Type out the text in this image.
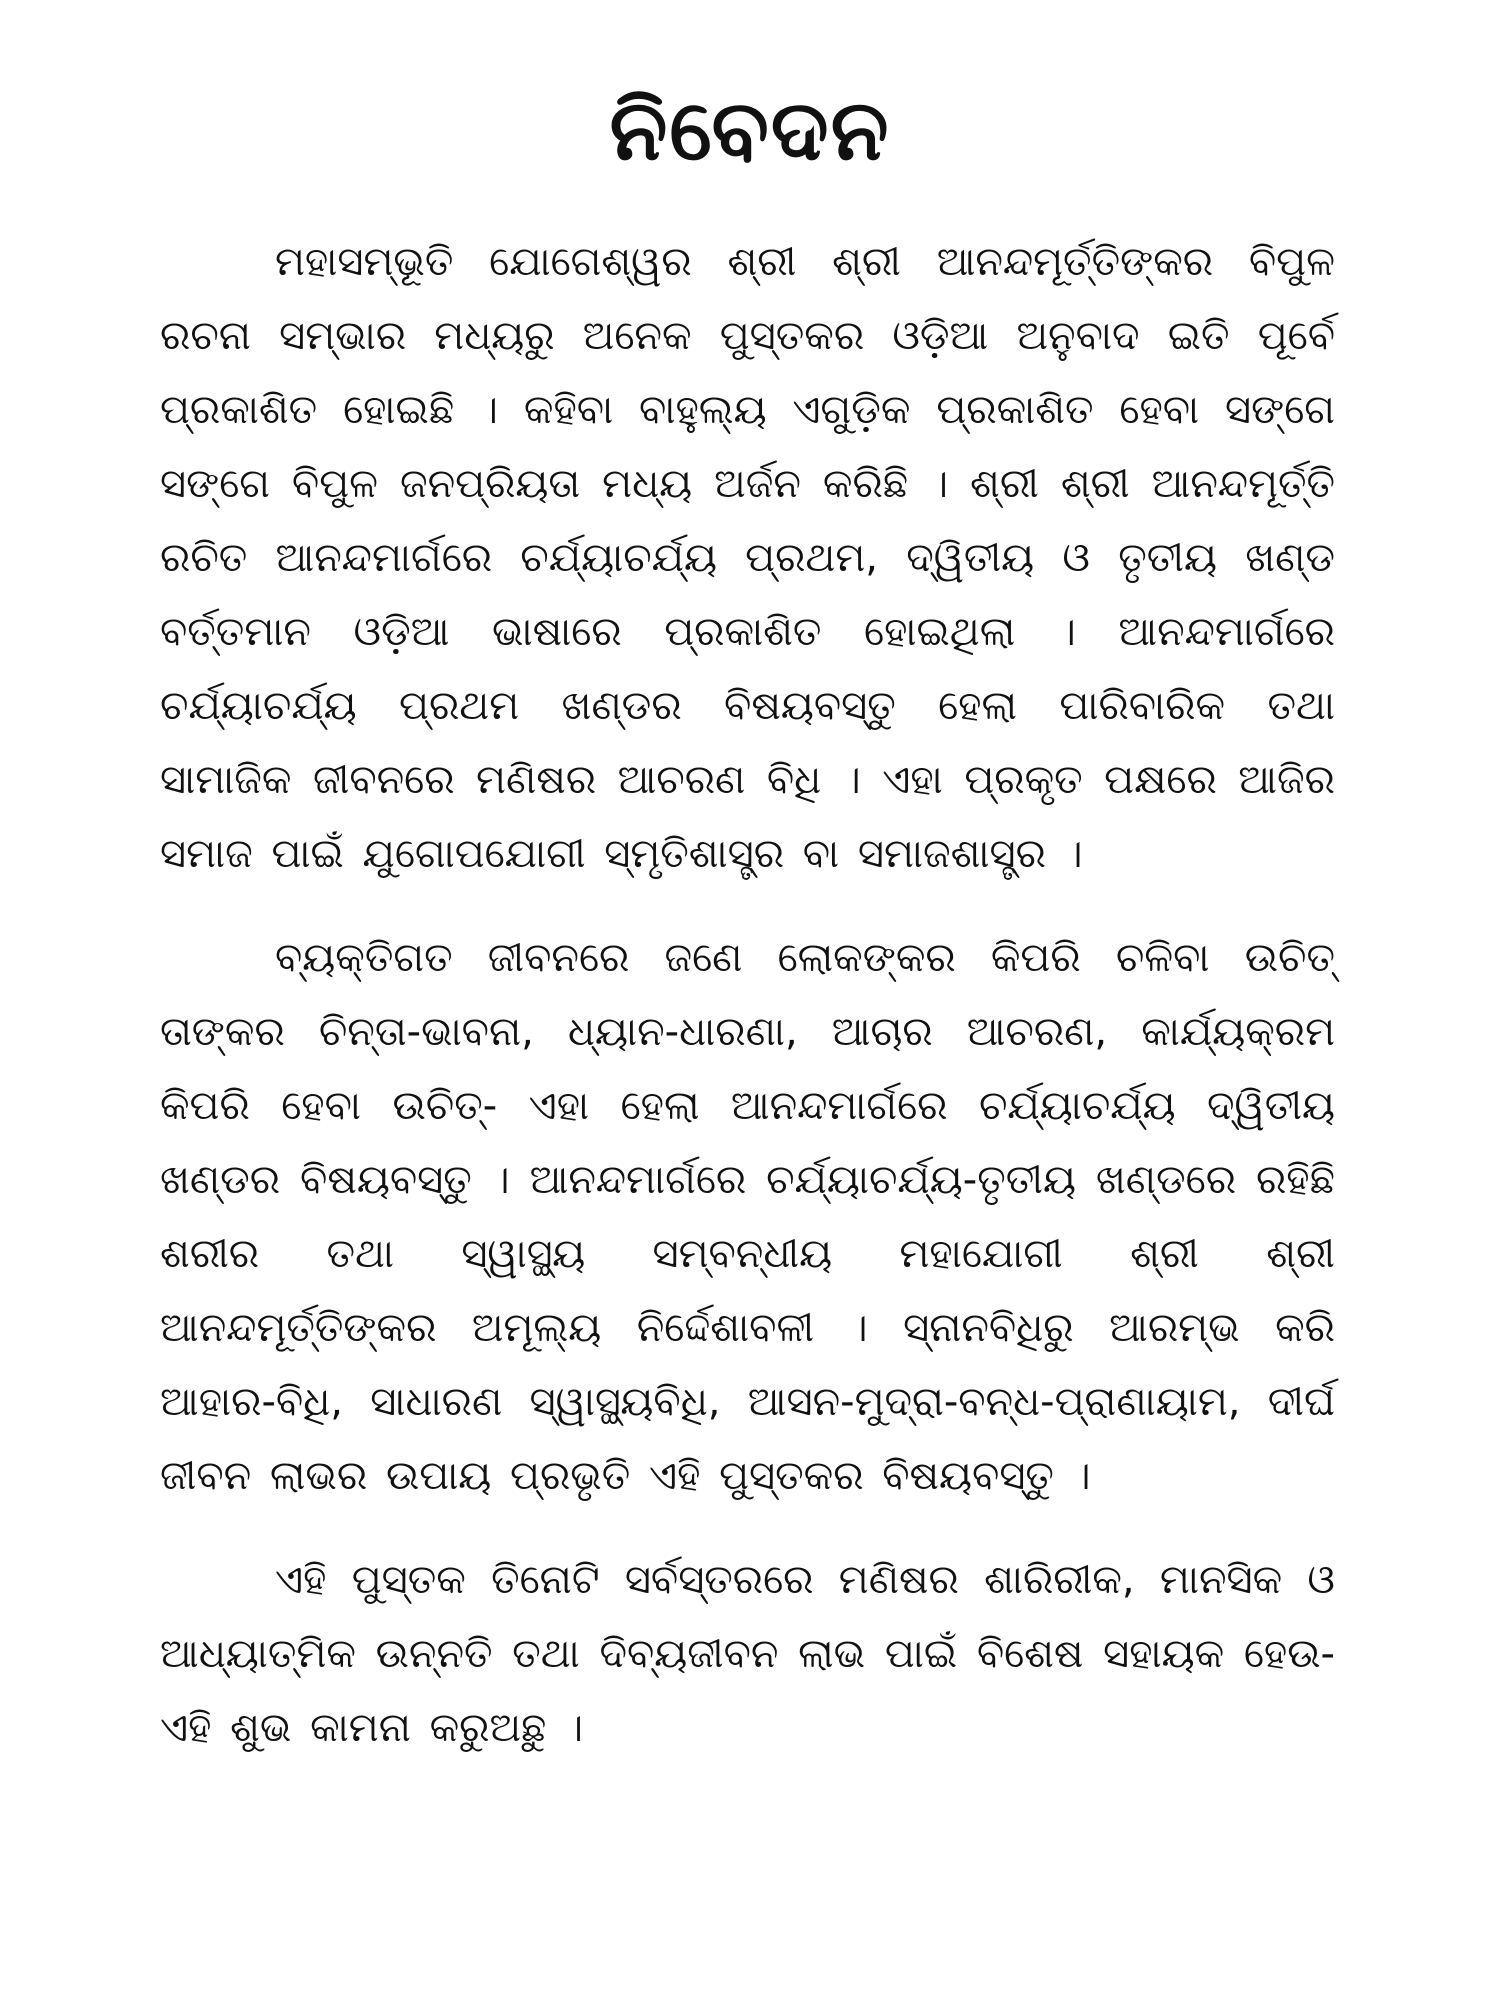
ନିବେଦନ

ମହାସମ୍ଭୂତି ଯୋଗେଶ୍ୱର ଶ୍ରୀ ଶ୍ରୀ ଆନନ୍ଦମୂର୍ତ୍ତିଙ୍କର ବିପୁଳ ରଚନା ସମ୍ଭାର ମଧ୍ୟରୁ ଅନେକ ପୁସ୍ତକର ଓଡ଼ିଆ ଅନୁବାଦ ଇତି ପୂର୍ବେ ପ୍ରକାଶିତ ହୋଇଛି । କହିବା ବାହୁଲ୍ୟ ଏଗୁଡ଼ିକ ପ୍ରକାଶିତ ହେବା ସଙ୍ଗେ ସଙ୍ଗେ ବିପୁଳ ଜନପ୍ରିୟତା ମଧ୍ୟ ଅର୍ଜନ କରିଛି । ଶ୍ରୀ ଶ୍ରୀ ଆନନ୍ଦମୂର୍ତ୍ତି ରଚିତ ଆନନ୍ଦମାର୍ଗରେ ଚର୍ଯ୍ୟାଚର୍ଯ୍ୟ ପ୍ରଥମ, ଦ୍ୱିତୀୟ ଓ ତୃତୀୟ ଖଣ୍ଡ ବର୍ତ୍ତମାନ ଓଡ଼ିଆ ଭାଷାରେ ପ୍ରକାଶିତ ହୋଇଥିଲା । ଆନନ୍ଦମାର୍ଗରେ ଚର୍ଯ୍ୟାଚର୍ଯ୍ୟ ପ୍ରଥମ ଖଣ୍ଡର ବିଷୟବସ୍ତୁ ହେଲା ପାରିବାରିକ ତଥା ସାମାଜିକ ଜୀବନରେ ମଣିଷର ଆଚରଣ ବିଧି । ଏହା ପ୍ରକୃତ ପକ୍ଷରେ ଆଜିର ସମାଜ ପାଇଁ ଯୁଗୋପଯୋଗୀ ସ୍ମୃତିଶାସ୍ତ୍ର ବା ସମାଜଶାସ୍ତ୍ର ।

ବ୍ୟକ୍ତିଗତ ଜୀବନରେ ଜଣେ ଲୋକଙ୍କର କିପରି ଚଳିବା ଉଚିତ୍ ତାଙ୍କର ଚିନ୍ତା-ଭାବନା, ଧ୍ୟାନ-ଧାରଣା, ଆଚାର ଆଚରଣ, କାର୍ଯ୍ୟକ୍ରମ କିପରି ହେବା ଉଚିତ୍- ଏହା ହେଲା ଆନନ୍ଦମାର୍ଗରେ ଚର୍ଯ୍ୟାଚର୍ଯ୍ୟ ଦ୍ୱିତୀୟ ଖଣ୍ଡର ବିଷୟବସ୍ତୁ । ଆନନ୍ଦମାର୍ଗରେ ଚର୍ଯ୍ୟାଚର୍ଯ୍ୟ-ତୃତୀୟ ଖଣ୍ଡରେ ରହିଛି ଶରୀର ତଥା ସ୍ୱାସ୍ଥ୍ୟ ସମ୍ବନ୍ଧୀୟ ମହାଯୋଗୀ ଶ୍ରୀ ଶ୍ରୀ ଆନନ୍ଦମୂର୍ତ୍ତିଙ୍କର ଅମୂଲ୍ୟ ନିର୍ଦ୍ଦେଶାବଳୀ । ସ୍ନାନବିଧିରୁ ଆରମ୍ଭ କରି ଆହାର-ବିଧି, ସାଧାରଣ ସ୍ୱାସ୍ଥ୍ୟବିଧି, ଆସନ-ମୁଦ୍ରା-ବନ୍ଧ-ପ୍ରାଣାୟାମ, ଦୀର୍ଘ ଜୀବନ ଲାଭର ଉପାୟ ପ୍ରଭୃତି ଏହି ପୁସ୍ତକର ବିଷୟବସ୍ତୁ ।

ଏହି ପୁସ୍ତକ ତିନୋଟି ସର୍ବସ୍ତରରେ ମଣିଷର ଶାରିରୀକ, ମାନସିକ ଓ ଆଧ୍ୟାତ୍ମିକ ଉନ୍ନତି ତଥା ଦିବ୍ୟଜୀବନ ଲାଭ ପାଇଁ ବିଶେଷ ସହାୟକ ହେଉ- ଏହି ଶୁଭ କାମନା କରୁଅଛୁ ।
